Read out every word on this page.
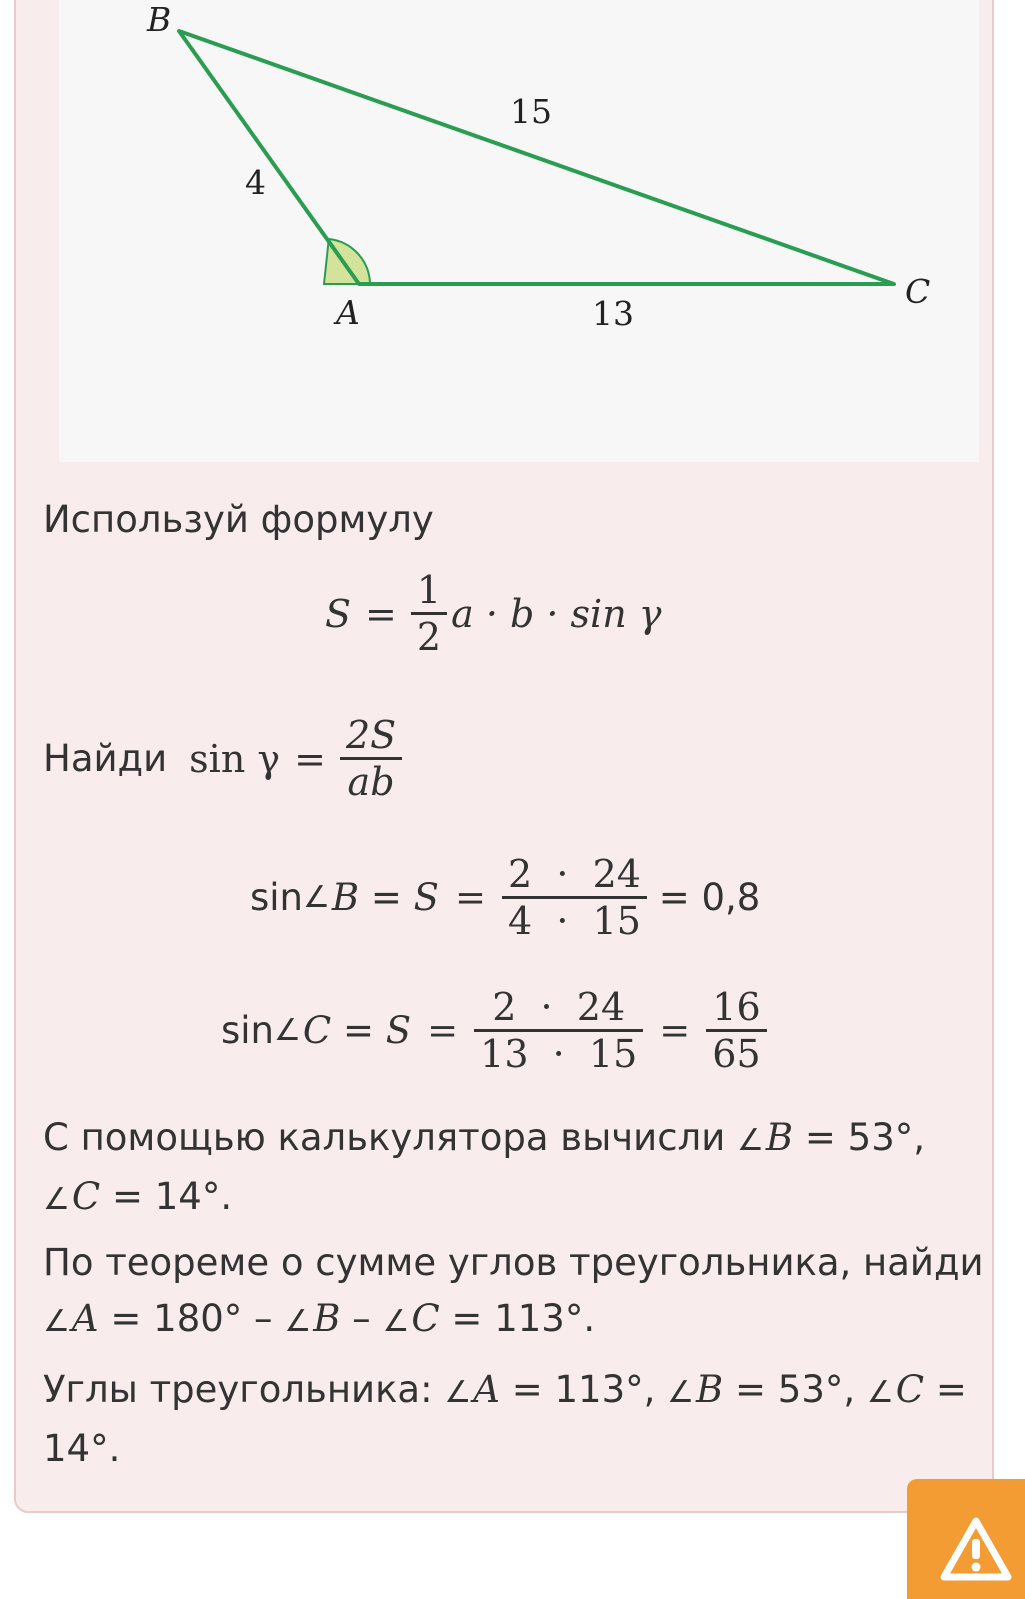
B
A
C
4
15
13
Используй формулу
$S = \frac{1}{2}$ a · b · sin γ
Найди $\sin \gamma = \frac{2S}{ab}$
sin ∠ $B = S = \frac{2 \cdot 24}{4 \cdot 15} = 0,8$
sin ∠ $C = S = \frac{2 \cdot 24}{13 \cdot 15} = \frac{16}{65}$
С помощью калькулятора вычисли ∠B = 53°,
∠C = 14°.
По теореме о сумме углов треугольника, найди
∠A = 180° – ∠B – ∠C = 113°.
Углы треугольника: ∠A = 113°, ∠B = 53°, ∠C =
14°.
